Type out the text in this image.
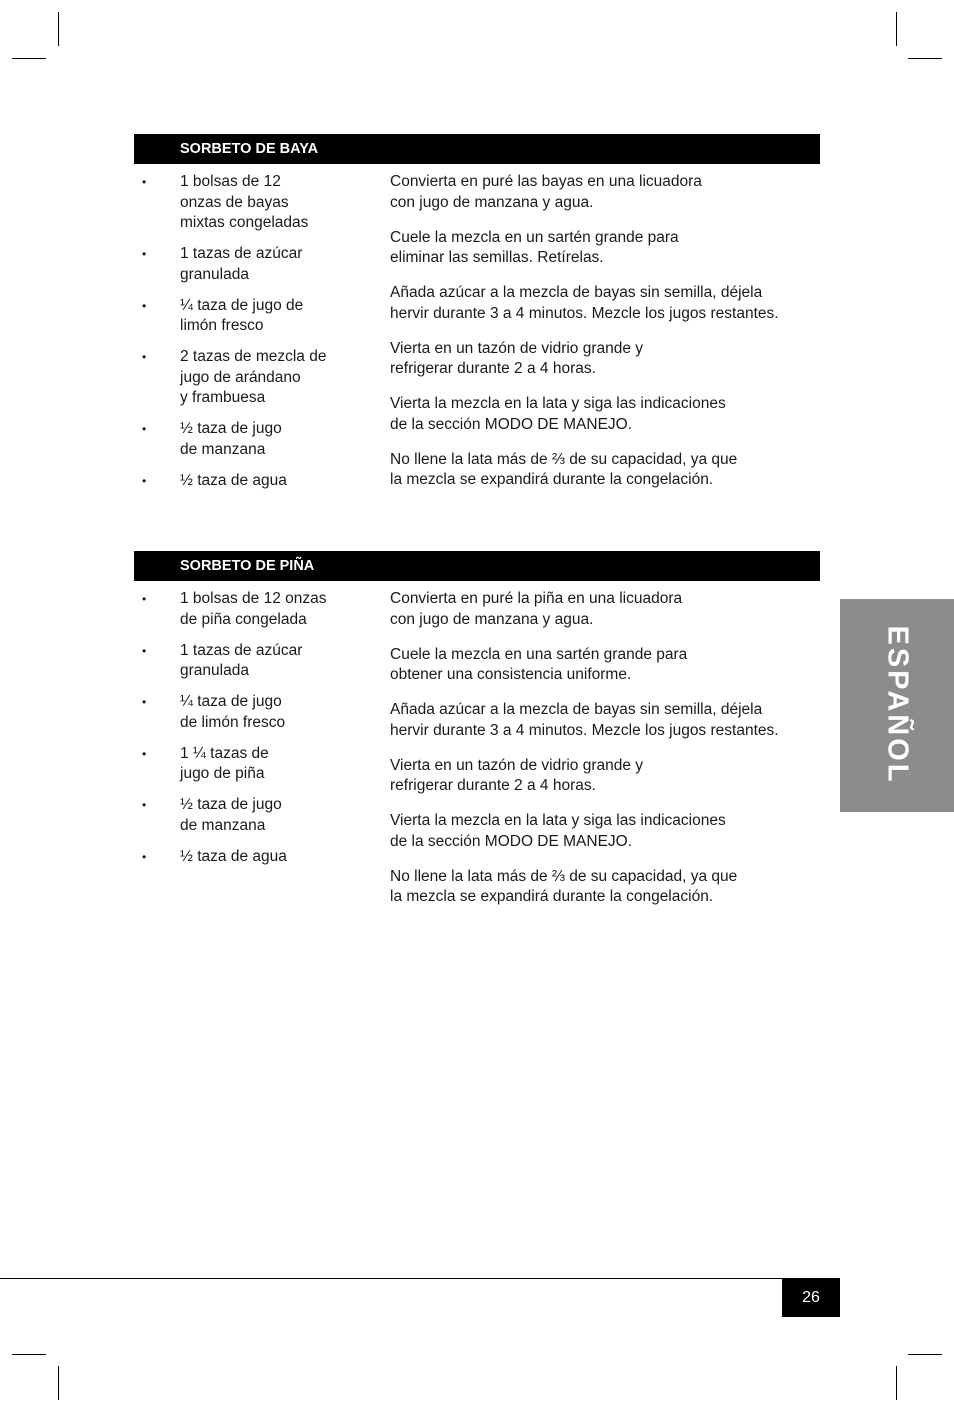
SORBETO DE BAYA
• 1 bolsas de 12
onzas de bayas
mixtas congeladas
• 1 tazas de azúcar
granulada
• ¼ taza de jugo de
limón fresco
• 2 tazas de mezcla de
jugo de arándano
y frambuesa
• ½ taza de jugo
de manzana
• ½ taza de agua

Convierta en puré las bayas en una licuadora
con jugo de manzana y agua.

Cuele la mezcla en un sartén grande para
eliminar las semillas. Retírelas.

Añada azúcar a la mezcla de bayas sin semilla, déjela
hervir durante 3 a 4 minutos. Mezcle los jugos restantes.

Vierta en un tazón de vidrio grande y
refrigerar durante 2 a 4 horas.

Vierta la mezcla en la lata y siga las indicaciones
de la sección MODO DE MANEJO.

No llene la lata más de ⅔ de su capacidad, ya que
la mezcla se expandirá durante la congelación.

SORBETO DE PIÑA
• 1 bolsas de 12 onzas
de piña congelada
• 1 tazas de azúcar
granulada
• ¼ taza de jugo
de limón fresco
• 1 ¼ tazas de
jugo de piña
• ½ taza de jugo
de manzana
• ½ taza de agua

Convierta en puré la piña en una licuadora
con jugo de manzana y agua.

Cuele la mezcla en una sartén grande para
obtener una consistencia uniforme.

Añada azúcar a la mezcla de bayas sin semilla, déjela
hervir durante 3 a 4 minutos. Mezcle los jugos restantes.

Vierta en un tazón de vidrio grande y
refrigerar durante 2 a 4 horas.

Vierta la mezcla en la lata y siga las indicaciones
de la sección MODO DE MANEJO.

No llene la lata más de ⅔ de su capacidad, ya que
la mezcla se expandirá durante la congelación.

ESPAÑOL
26
